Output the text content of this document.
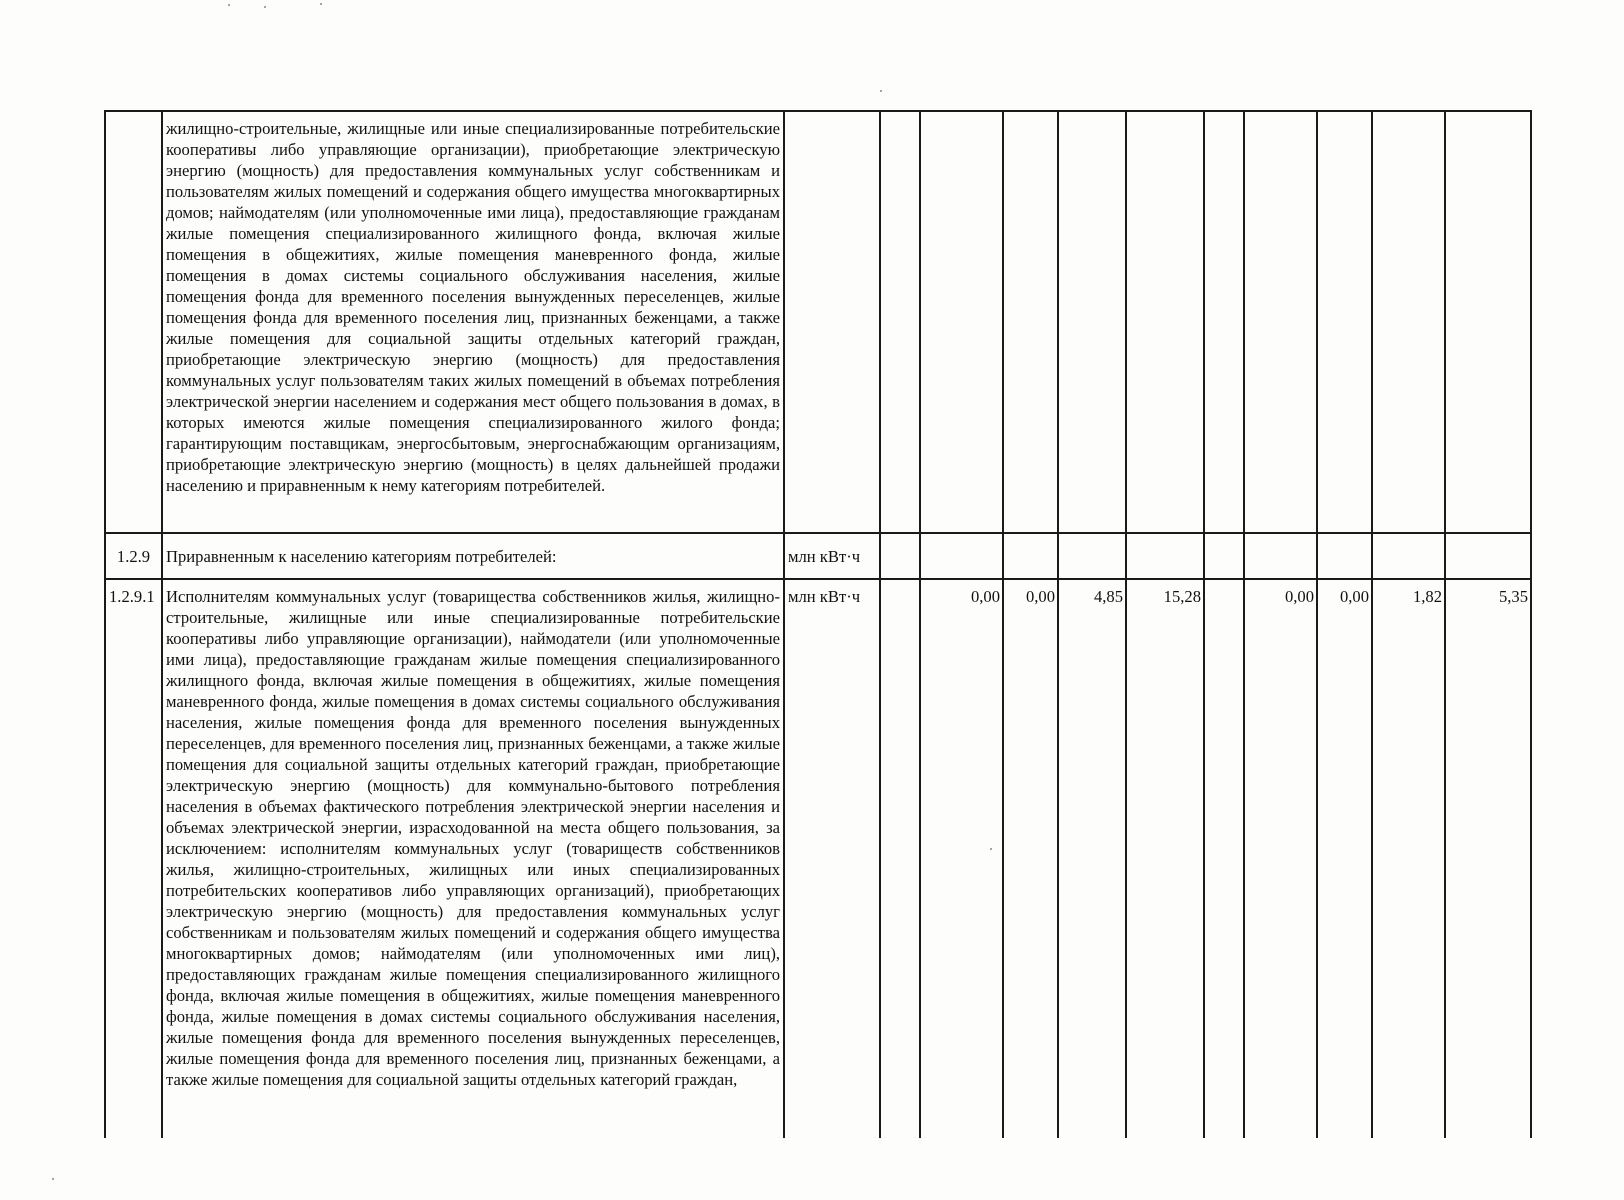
	жилищно-строительные, жилищные или иные специализированные потребительские кооперативы либо управляющие организации), приобретающие электрическую энергию (мощность) для предоставления коммунальных услуг собственникам и пользователям жилых помещений и содержания общего имущества многоквартирных домов; наймодателям (или уполномоченные ими лица), предоставляющие гражданам жилые помещения специализированного жилищного фонда, включая жилые помещения в общежитиях, жилые помещения маневренного фонда, жилые помещения в домах системы социального обслуживания населения, жилые помещения фонда для временного поселения вынужденных переселенцев, жилые помещения фонда для временного поселения лиц, признанных беженцами, а также жилые помещения для социальной защиты отдельных категорий граждан, приобретающие электрическую энергию (мощность) для предоставления коммунальных услуг пользователям таких жилых помещений в объемах потребления электрической энергии населением и содержания мест общего пользования в домах, в которых имеются жилые помещения специализированного жилого фонда; гарантирующим поставщикам, энергосбытовым, энергоснабжающим организациям, приобретающие электрическую энергию (мощность) в целях дальнейшей продажи населению и приравненным к нему категориям потребителей.											

1.2.9	Приравненным к населению категориям потребителей:	млн кВт·ч										
1.2.9.1	Исполнителям коммунальных услуг (товарищества собственников жилья, жилищно-строительные, жилищные или иные специализированные потребительские кооперативы либо управляющие организации), наймодатели (или уполномоченные ими лица), предоставляющие гражданам жилые помещения специализированного жилищного фонда, включая жилые помещения в общежитиях, жилые помещения маневренного фонда, жилые помещения в домах системы социального обслуживания населения, жилые помещения фонда для временного поселения вынужденных переселенцев, для временного поселения лиц, признанных беженцами, а также жилые помещения для социальной защиты отдельных категорий граждан, приобретающие электрическую энергию (мощность) для коммунально-бытового потребления населения в объемах фактического потребления электрической энергии населения и объемах электрической энергии, израсходованной на места общего пользования, за исключением: исполнителям коммунальных услуг (товариществ собственников жилья, жилищно-строительных, жилищных или иных специализированных потребительских кооперативов либо управляющих организаций), приобретающих электрическую энергию (мощность) для предоставления коммунальных услуг собственникам и пользователям жилых помещений и содержания общего имущества многоквартирных домов; наймодателям (или уполномоченных ими лиц), предоставляющих гражданам жилые помещения специализированного жилищного фонда, включая жилые помещения в общежитиях, жилые помещения маневренного фонда, жилые помещения в домах системы социального обслуживания населения, жилые помещения фонда для временного поселения вынужденных переселенцев, жилые помещения фонда для временного поселения лиц, признанных беженцами, а также жилые помещения для социальной защиты отдельных категорий граждан,	млн кВт·ч		0,00	0,00	4,85	15,28		0,00	0,00	1,82	5,35
